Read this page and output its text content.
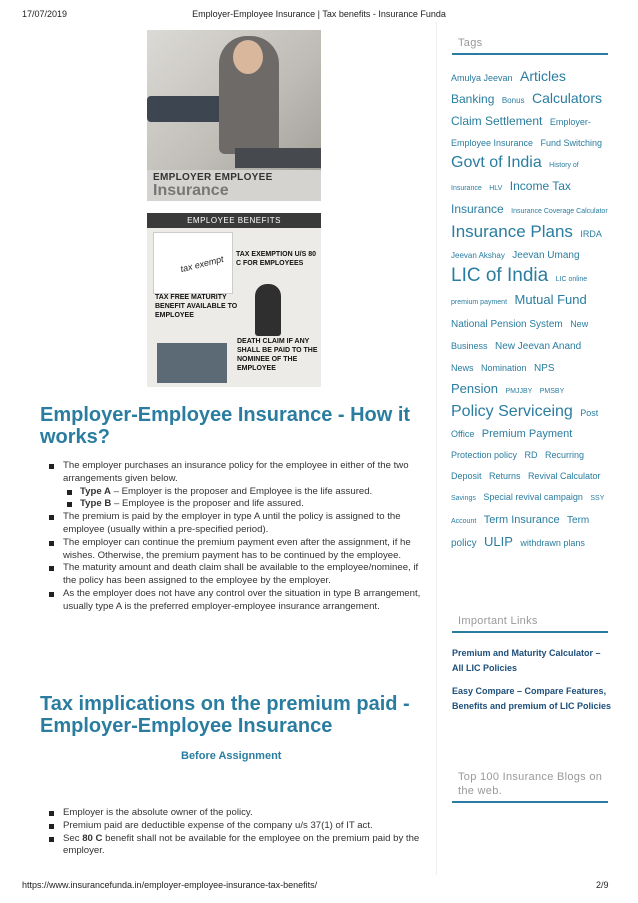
17/07/2019	Employer-Employee Insurance | Tax benefits - Insurance Funda
https://www.insurancefunda.in/employer-employee-insurance-tax-benefits/	2/9
EMPLOYER EMPLOYEE
Insurance
EMPLOYEE BENEFITS
tax exempt TAX EXEMPTION U/S 80 C FOR EMPLOYEES
TAX FREE MATURITY BENEFIT AVAILABLE TO EMPLOYEE
DEATH CLAIM IF ANY SHALL BE PAID TO THE NOMINEE OF THE EMPLOYEE
Employer-Employee Insurance - How it works?
The employer purchases an insurance policy for the employee in either of the two arrangements given below.
Type A – Employer is the proposer and Employee is the life assured.
Type B – Employee is the proposer and life assured.
The premium is paid by the employer in type A until the policy is assigned to the employee (usually within a pre-specified period).
The employer can continue the premium payment even after the assignment, if he wishes. Otherwise, the premium payment has to be continued by the employee.
The maturity amount and death claim shall be available to the employee/nominee, if the policy has been assigned to the employee by the employer.
As the employer does not have any control over the situation in type B arrangement, usually type A is the preferred employer-employee insurance arrangement.
Tax implications on the premium paid - Employer-Employee Insurance
Before Assignment
Employer is the absolute owner of the policy.
Premium paid are deductible expense of the company u/s 37(1) of IT act.
Sec 80 C benefit shall not be available for the employee on the premium paid by the employer.
Tags
Amulya Jeevan Articles Banking Bonus Calculators Claim Settlement Employer-Employee Insurance Fund Switching Govt of India History of Insurance HLV Income Tax Insurance Insurance Coverage Calculator Insurance Plans IRDA Jeevan Akshay Jeevan Umang LIC of India LIC online premium payment Mutual Fund National Pension System New Business New Jeevan Anand News Nomination NPS Pension PMJJBY PMSBY Policy Serviceing Post Office Premium Payment Protection policy RD Recurring Deposit Returns Revival Calculator Savings Special revival campaign SSY Account Term Insurance Term policy ULIP withdrawn plans
Important Links
Premium and Maturity Calculator – All LIC Policies
Easy Compare – Compare Features, Benefits and premium of LIC Policies
Top 100 Insurance Blogs on the web.
